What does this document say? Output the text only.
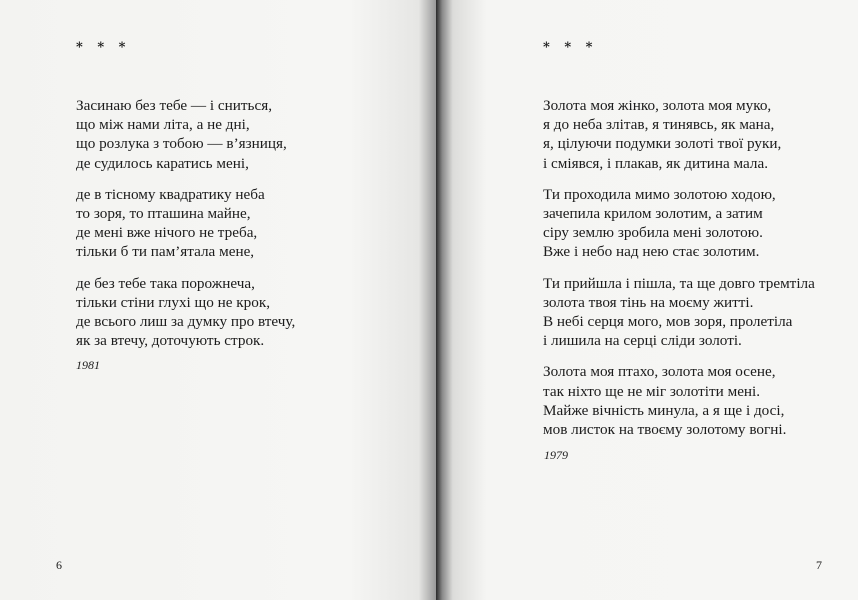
* * *
Засинаю без тебе — і сниться,
що між нами літа, а не дні,
що розлука з тобою — в’язниця,
де судилось каратись мені,
де в тісному квадратику неба
то зоря, то пташина майне,
де мені вже нічого не треба,
тільки б ти пам’ятала мене,
де без тебе така порожнеча,
тільки стіни глухі що не крок,
де всього лиш за думку про втечу,
як за втечу, доточують строк.
1981
6
* * *
Золота моя жінко, золота моя муко,
я до неба злітав, я тинявсь, як мана,
я, цілуючи подумки золоті твої руки,
і сміявся, і плакав, як дитина мала.
Ти проходила мимо золотою ходою,
зачепила крилом золотим, а затим
сіру землю зробила мені золотою.
Вже і небо над нею стає золотим.
Ти прийшла і пішла, та ще довго тремтіла
золота твоя тінь на моєму житті.
В небі серця мого, мов зоря, пролетіла
і лишила на серці сліди золоті.
Золота моя птахо, золота моя осене,
так ніхто ще не міг золотіти мені.
Майже вічність минула, а я ще і досі,
мов листок на твоєму золотому вогні.
1979
7
